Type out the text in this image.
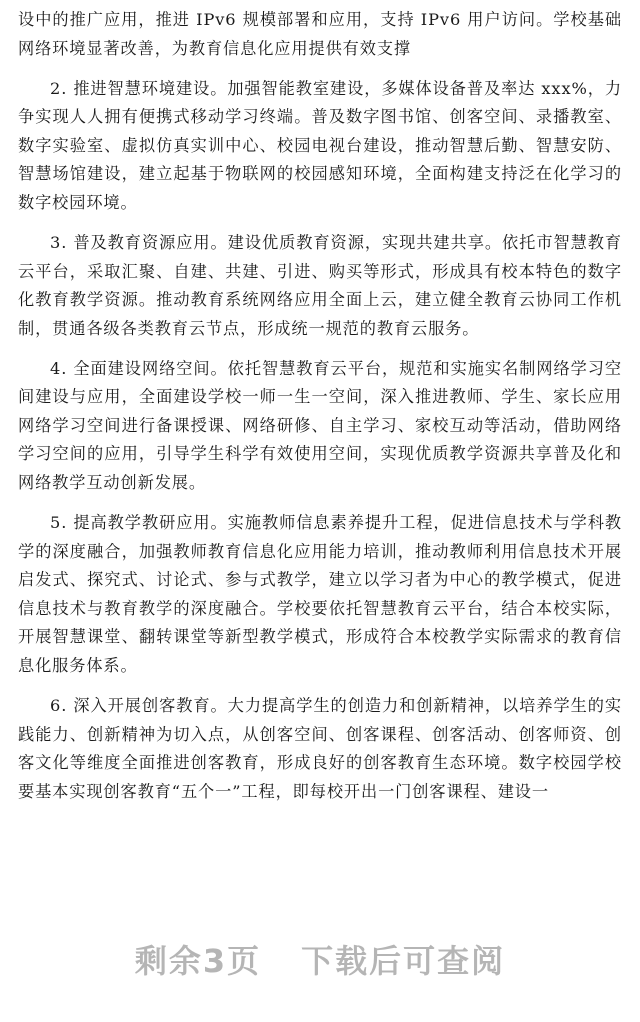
设中的推广应用，推进 IPv6 规模部署和应用，支持 IPv6 用户访问。学校基础网络环境显著改善，为教育信息化应用提供有效支撑

2. 推进智慧环境建设。加强智能教室建设，多媒体设备普及率达 xxx%，力争实现人人拥有便携式移动学习终端。普及数字图书馆、创客空间、录播教室、数字实验室、虚拟仿真实训中心、校园电视台建设，推动智慧后勤、智慧安防、智慧场馆建设，建立起基于物联网的校园感知环境，全面构建支持泛在化学习的数字校园环境。

3. 普及教育资源应用。建设优质教育资源，实现共建共享。依托市智慧教育云平台，采取汇聚、自建、共建、引进、购买等形式，形成具有校本特色的数字化教育教学资源。推动教育系统网络应用全面上云，建立健全教育云协同工作机制，贯通各级各类教育云节点，形成统一规范的教育云服务。

4. 全面建设网络空间。依托智慧教育云平台，规范和实施实名制网络学习空间建设与应用，全面建设学校一师一生一空间，深入推进教师、学生、家长应用网络学习空间进行备课授课、网络研修、自主学习、家校互动等活动，借助网络学习空间的应用，引导学生科学有效使用空间，实现优质教学资源共享普及化和网络教学互动创新发展。

5. 提高教学教研应用。实施教师信息素养提升工程，促进信息技术与学科教学的深度融合，加强教师教育信息化应用能力培训，推动教师利用信息技术开展启发式、探究式、讨论式、参与式教学，建立以学习者为中心的教学模式，促进信息技术与教育教学的深度融合。学校要依托智慧教育云平台，结合本校实际，开展智慧课堂、翻转课堂等新型教学模式，形成符合本校教学实际需求的教育信息化服务体系。

6. 深入开展创客教育。大力提高学生的创造力和创新精神，以培养学生的实践能力、创新精神为切入点，从创客空间、创客课程、创客活动、创客师资、创客文化等维度全面推进创客教育，形成良好的创客教育生态环境。数字校园学校要基本实现创客教育“五个一”工程，即每校开出一门创客课程、建设一

剩余3页 下载后可查阅
